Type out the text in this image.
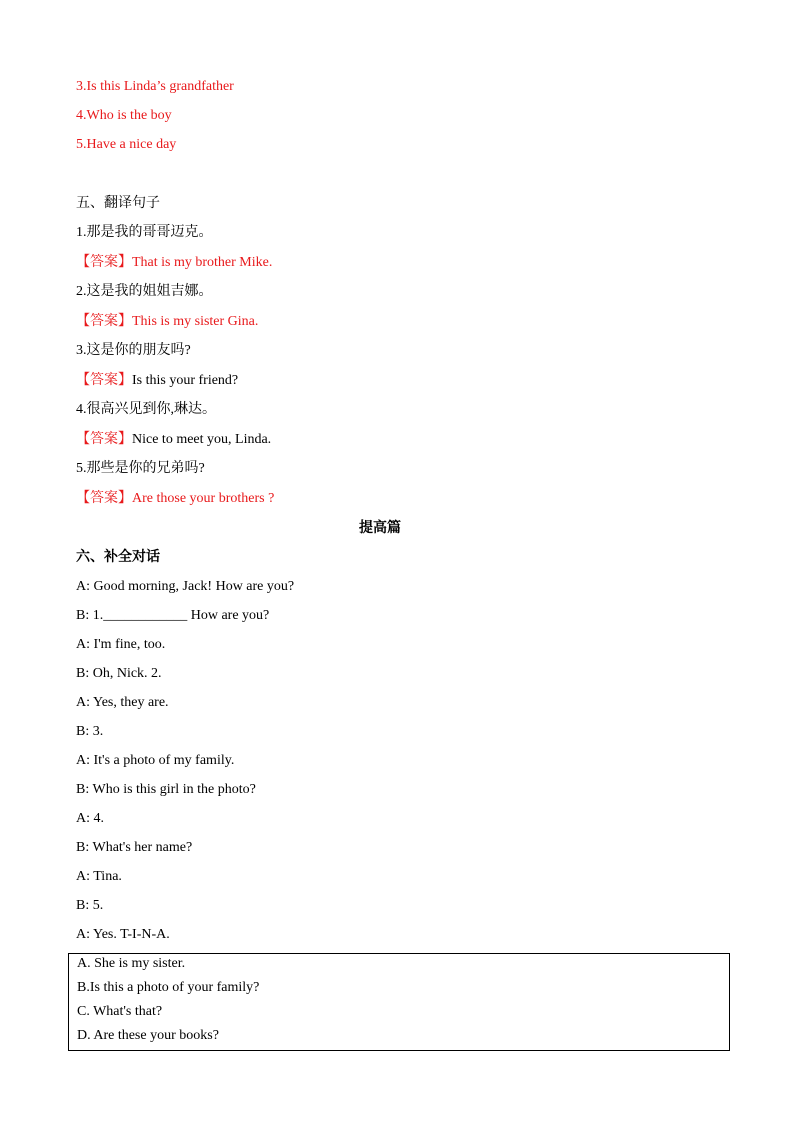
3.Is this Linda’s grandfather
4.Who is the boy
5.Have a nice day
五、翻译句子
1.那是我的哥哥迈克。
【答案】That is my brother Mike.
2.这是我的姐姐吉娜。
【答案】This is my sister Gina.
3.这是你的朋友吗?
【答案】Is this your friend?
4.很高兴见到你,琳达。
【答案】Nice to meet you, Linda.
5.那些是你的兄弟吗?
【答案】Are those your brothers ?
提高篇
六、补全对话
A: Good morning, Jack! How are you?
B: 1.____________ How are you?
A: I'm fine, too.
B: Oh, Nick. 2.
A: Yes, they are.
B: 3.
A: It's a photo of my family.
B: Who is this girl in the photo?
A: 4.
B: What's her name?
A: Tina.
B: 5.
A: Yes. T-I-N-A.
A. She is my sister.
B.Is this a photo of your family?
C. What's that?
D. Are these your books?
